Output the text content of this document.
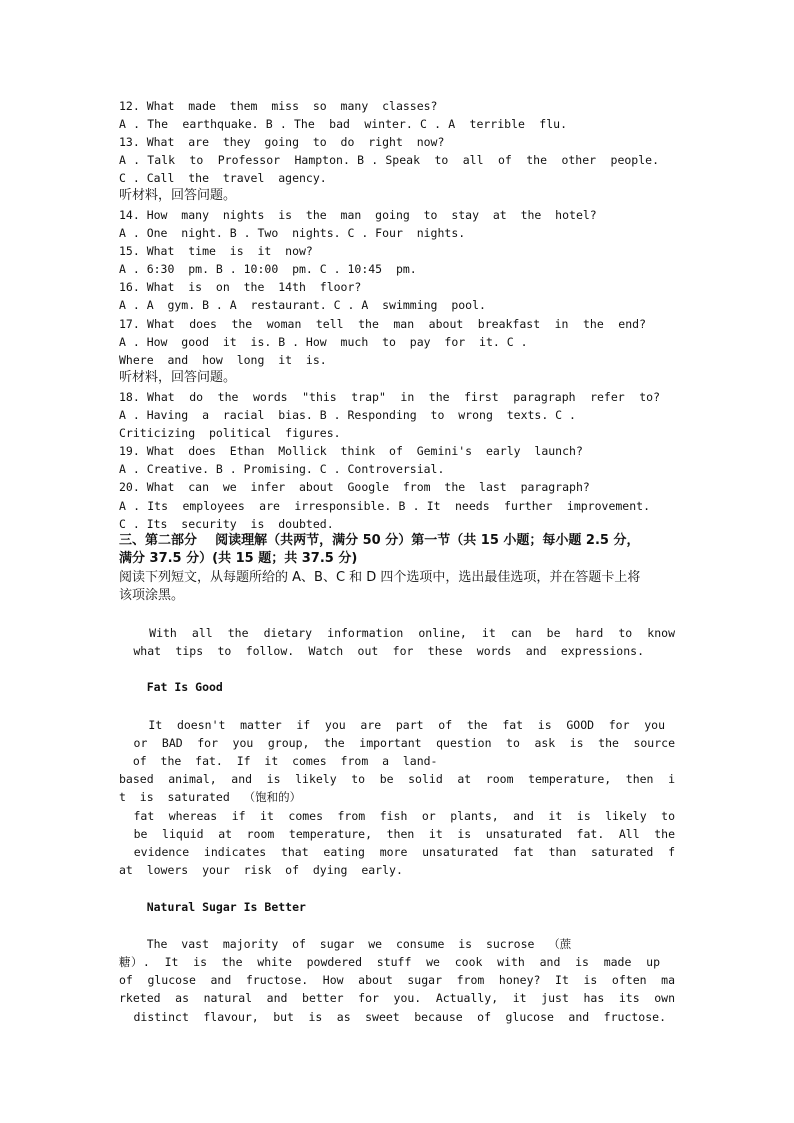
12. What  made  them  miss  so  many  classes?
A . The  earthquake. B . The  bad  winter. C . A  terrible  flu.
13. What  are  they  going  to  do  right  now?
A . Talk  to  Professor  Hampton. B . Speak  to  all  of  the  other  people.
C . Call  the  travel  agency.
听材料，回答问题。
14. How  many  nights  is  the  man  going  to  stay  at  the  hotel?
A . One  night. B . Two  nights. C . Four  nights.
15. What  time  is  it  now?
A . 6:30  pm. B . 10:00  pm. C . 10:45  pm.
16. What  is  on  the  14th  floor?
A . A  gym. B . A  restaurant. C . A  swimming  pool.
17. What  does  the  woman  tell  the  man  about  breakfast  in  the  end?
A . How  good  it  is. B . How  much  to  pay  for  it. C .
Where  and  how  long  it  is.
听材料，回答问题。
18. What  do  the  words  "this  trap"  in  the  first  paragraph  refer  to?
A . Having  a  racial  bias. B . Responding  to  wrong  texts. C .
Criticizing  political  figures.
19. What  does  Ethan  Mollick  think  of  Gemini's  early  launch?
A . Creative. B . Promising. C . Controversial.
20. What  can  we  infer  about  Google  from  the  last  paragraph?
A . Its  employees  are  irresponsible. B . It  needs  further  improvement.
C . Its  security  is  doubted.
三、第二部分    阅读理解（共两节，满分 50 分）第一节（共 15 小题；每小题 2.5 分，
满分 37.5 分）(共 15 题；共 37.5 分)
阅读下列短文，从每题所给的 A、B、C 和 D 四个选项中，选出最佳选项，并在答题卡上将
该项涂黑。
With  all  the  dietary  information  online,  it  can  be  hard  to  know
what  tips  to  follow.  Watch  out  for  these  words  and  expressions.
Fat Is Good
It  doesn't  matter  if  you  are  part  of  the  fat  is  GOOD  for  you
or  BAD  for  you  group,  the  important  question  to  ask  is  the  source
of  the  fat.  If  it  comes  from  a  land-
based  animal,  and  is  likely  to  be  solid  at  room  temperature,  then  i
t  is  saturated  （饱和的）
fat  whereas  if  it  comes  from  fish  or  plants,  and  it  is  likely  to
be  liquid  at  room  temperature,  then  it  is  unsaturated  fat.  All  the
evidence  indicates  that  eating  more  unsaturated  fat  than  saturated  f
at  lowers  your  risk  of  dying  early.
Natural Sugar Is Better
The  vast  majority  of  sugar  we  consume  is  sucrose  （蔗
糖）.  It  is  the  white  powdered  stuff  we  cook  with  and  is  made  up
of  glucose  and  fructose.  How  about  sugar  from  honey?  It  is  often  ma
rketed  as  natural  and  better  for  you.  Actually,  it  just  has  its  own
distinct  flavour,  but  is  as  sweet  because  of  glucose  and  fructose.
